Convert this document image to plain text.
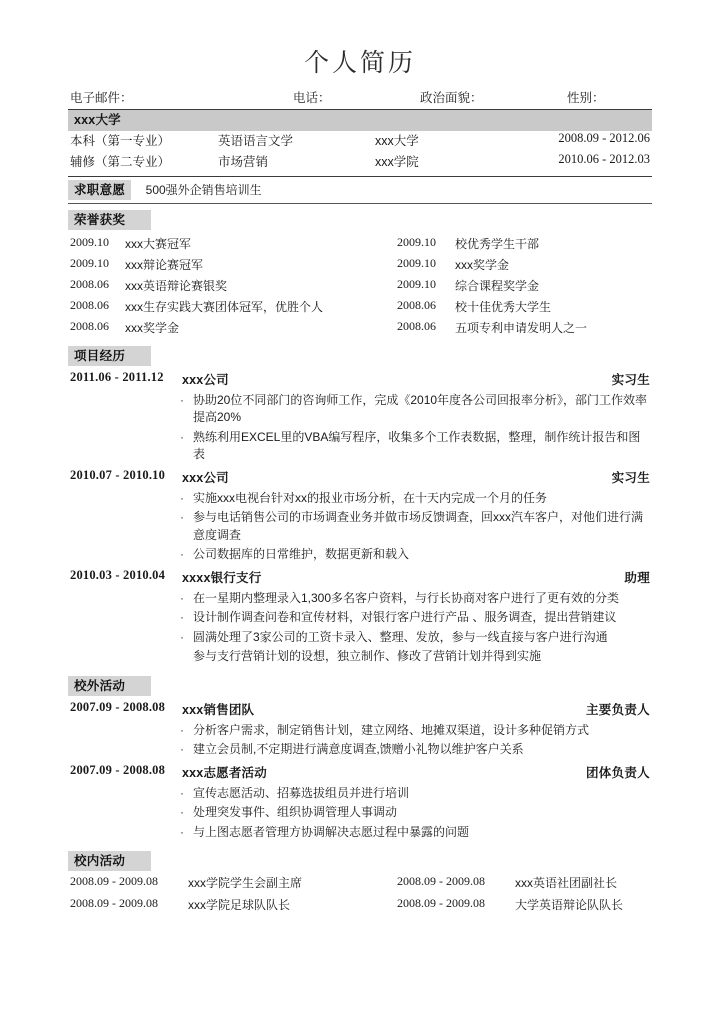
个人简历
电子邮件：	电话：	政治面貌：	性别：
xxx大学
本科（第一专业）	英语语言文学	xxx大学	2008.09 - 2012.06
辅修（第二专业）	市场营销	xxx学院	2010.06 - 2012.03
求职意愿 500强外企销售培训生
荣誉获奖
2009.10 xxx大赛冠军	2009.10 校优秀学生干部
2009.10 xxx辩论赛冠军	2009.10 xxx奖学金
2008.06 xxx英语辩论赛银奖	2009.10 综合课程奖学金
2008.06 xxx生存实践大赛团体冠军，优胜个人	2008.06 校十佳优秀大学生
2008.06 xxx奖学金	2008.06 五项专利申请发明人之一
项目经历
2011.06 - 2011.12 xxx公司	实习生
· 协助20位不同部门的咨询师工作，完成《2010年度各公司回报率分析》，部门工作效率提高20%
· 熟练利用EXCEL里的VBA编写程序，收集多个工作表数据，整理，制作统计报告和图表
2010.07 - 2010.10 xxx公司	实习生
· 实施xxx电视台针对xx的报业市场分析，在十天内完成一个月的任务
· 参与电话销售公司的市场调查业务并做市场反馈调查，回xxx汽车客户，对他们进行满意度调查
· 公司数据库的日常维护，数据更新和载入
2010.03 - 2010.04 xxxx银行支行	助理
· 在一星期内整理录入1,300多名客户资料，与行长协商对客户进行了更有效的分类
· 设计制作调查问卷和宣传材料，对银行客户进行产品 、服务调查，提出营销建议
· 圆满处理了3家公司的工资卡录入、整理、发放，参与一线直接与客户进行沟通
参与支行营销计划的设想，独立制作、修改了营销计划并得到实施
校外活动
2007.09 - 2008.08 xxx销售团队	主要负责人
· 分析客户需求，制定销售计划，建立网络、地摊双渠道，设计多种促销方式
· 建立会员制,不定期进行满意度调查,馈赠小礼物以维护客户关系
2007.09 - 2008.08 xxx志愿者活动	团体负责人
· 宣传志愿活动、招募选拔组员并进行培训
· 处理突发事件、组织协调管理人事调动
· 与上图志愿者管理方协调解决志愿过程中暴露的问题
校内活动
2008.09 - 2009.08	xxx学院学生会副主席	2008.09 - 2009.08	xxx英语社团副社长
2008.09 - 2009.08	xxx学院足球队队长	2008.09 - 2009.08	大学英语辩论队队长
